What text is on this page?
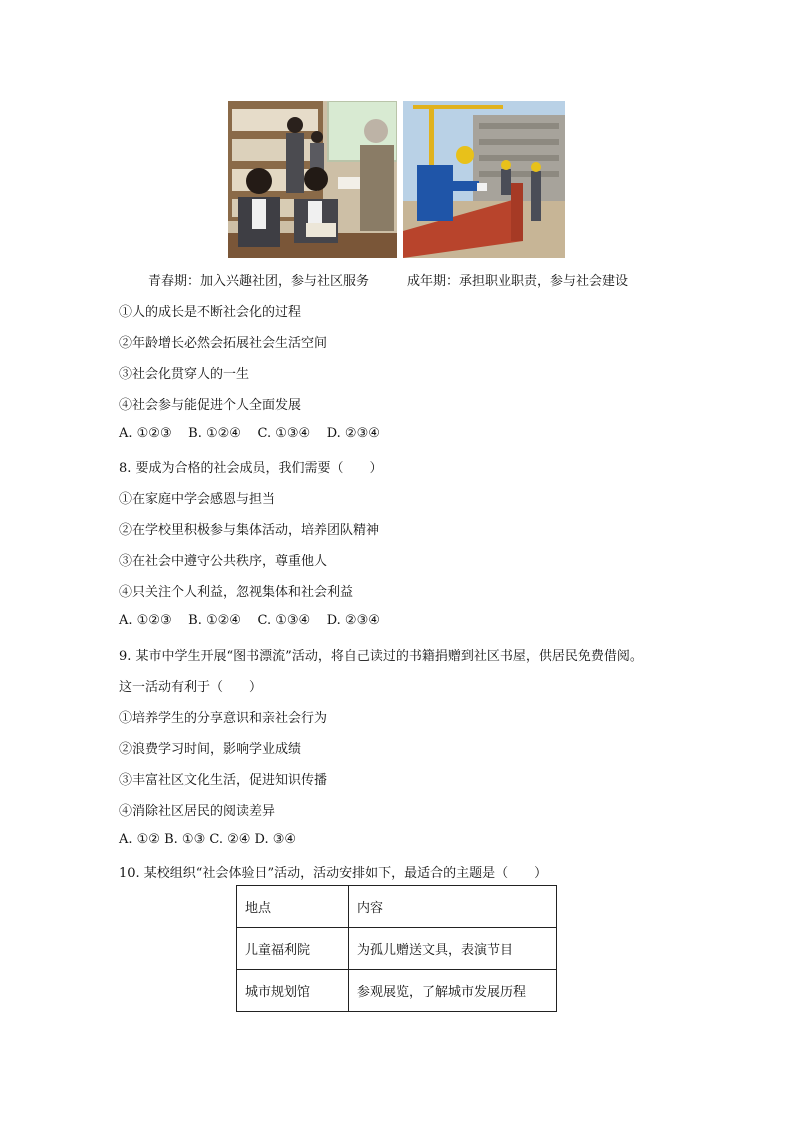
青春期：加入兴趣社团，参与社区服务	成年期：承担职业职责，参与社会建设
①人的成长是不断社会化的过程
②年龄增长必然会拓展社会生活空间
③社会化贯穿人的一生
④社会参与能促进个人全面发展
A. ①②③    B. ①②④    C. ①③④    D. ②③④
8. 要成为合格的社会成员，我们需要（　　）
①在家庭中学会感恩与担当
②在学校里积极参与集体活动，培养团队精神
③在社会中遵守公共秩序，尊重他人
④只关注个人利益，忽视集体和社会利益
A. ①②③    B. ①②④    C. ①③④    D. ②③④
9. 某市中学生开展“图书漂流”活动，将自己读过的书籍捐赠到社区书屋，供居民免费借阅。
这一活动有利于（　　）
①培养学生的分享意识和亲社会行为
②浪费学习时间，影响学业成绩
③丰富社区文化生活，促进知识传播
④消除社区居民的阅读差异
A. ①② B. ①③ C. ②④ D. ③④
10. 某校组织“社会体验日”活动，活动安排如下，最适合的主题是（　　）
地点	内容
儿童福利院	为孤儿赠送文具，表演节目
城市规划馆	参观展览，了解城市发展历程
